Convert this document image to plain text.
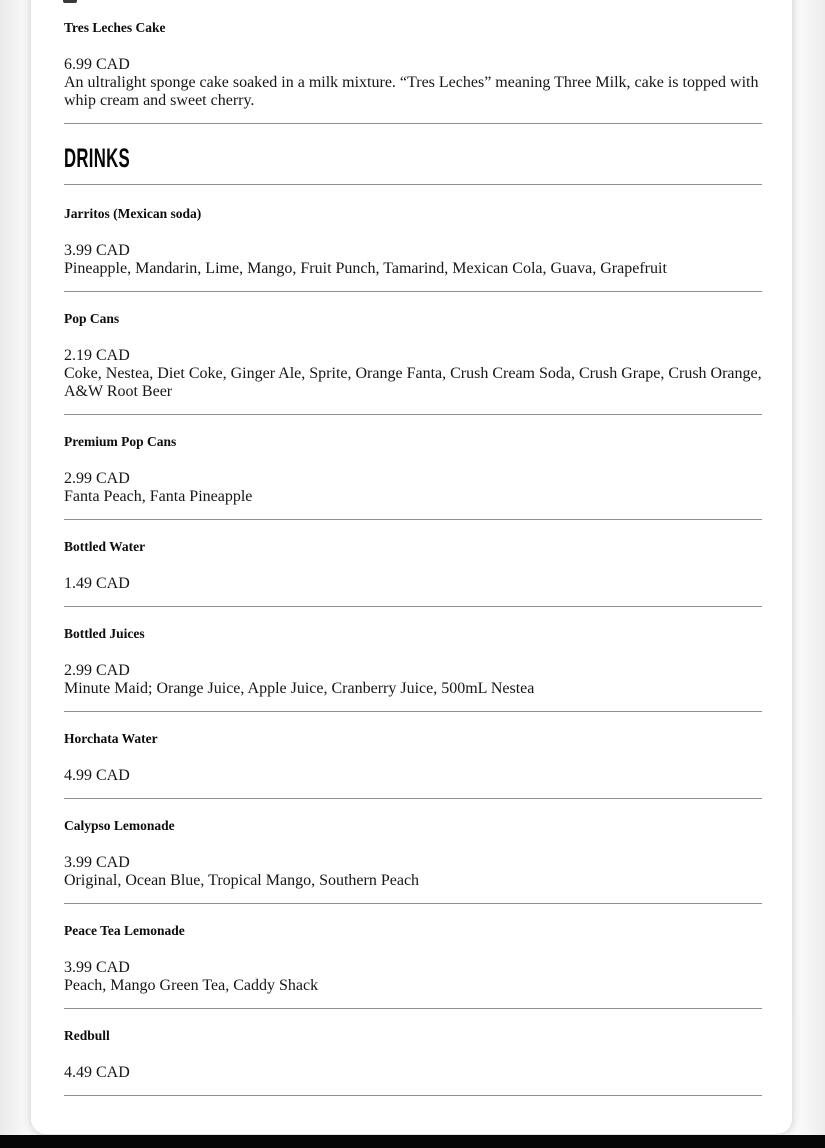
Tres Leches Cake
6.99 CAD
An ultralight sponge cake soaked in a milk mixture. “Tres Leches” meaning Three Milk, cake is topped with whip cream and sweet cherry.
DRINKS
Jarritos (Mexican soda)
3.99 CAD
Pineapple, Mandarin, Lime, Mango, Fruit Punch, Tamarind, Mexican Cola, Guava, Grapefruit
Pop Cans
2.19 CAD
Coke, Nestea, Diet Coke, Ginger Ale, Sprite, Orange Fanta, Crush Cream Soda, Crush Grape, Crush Orange, A&W Root Beer
Premium Pop Cans
2.99 CAD
Fanta Peach, Fanta Pineapple
Bottled Water
1.49 CAD
Bottled Juices
2.99 CAD
Minute Maid; Orange Juice, Apple Juice, Cranberry Juice, 500mL Nestea
Horchata Water
4.99 CAD
Calypso Lemonade
3.99 CAD
Original, Ocean Blue, Tropical Mango, Southern Peach
Peace Tea Lemonade
3.99 CAD
Peach, Mango Green Tea, Caddy Shack
Redbull
4.49 CAD
